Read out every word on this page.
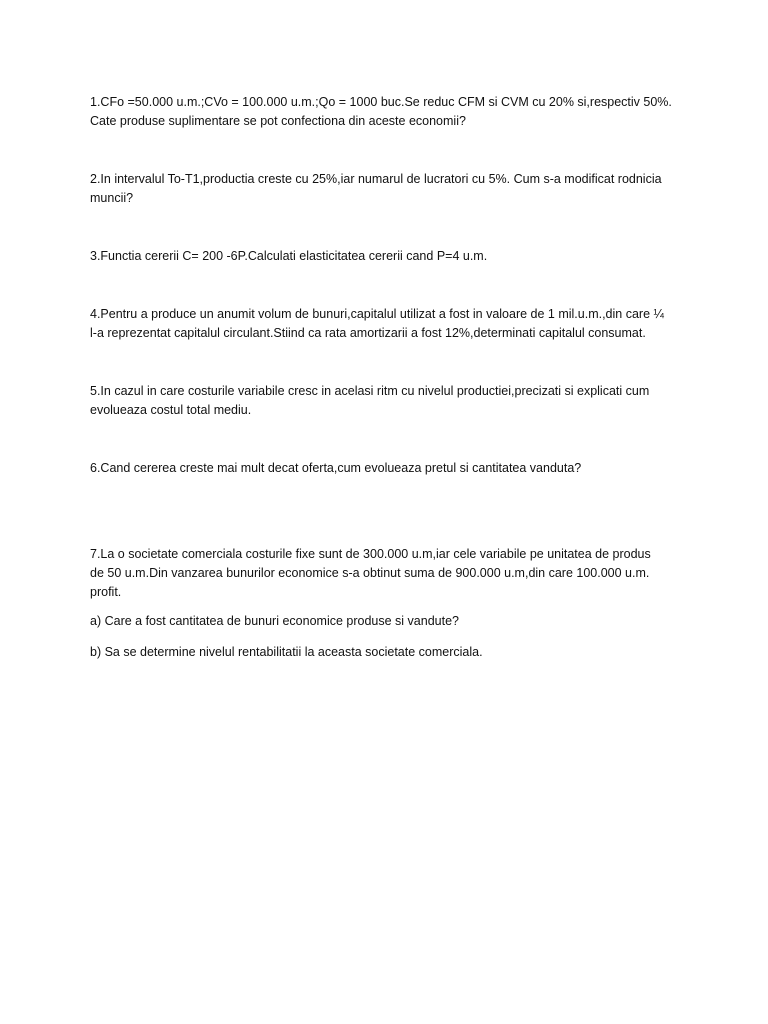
1.CFo =50.000 u.m.;CVo = 100.000 u.m.;Qo = 1000 buc.Se reduc CFM si CVM cu 20% si,respectiv 50%.
Cate produse suplimentare se pot confectiona din aceste economii?

2.In intervalul To-T1,productia creste cu 25%,iar numarul de lucratori cu 5%. Cum s-a modificat rodnicia
muncii?

3.Functia cererii C= 200 -6P.Calculati elasticitatea cererii cand P=4 u.m.

4.Pentru a produce un anumit volum de bunuri,capitalul utilizat a fost in valoare de 1 mil.u.m.,din care ¼
l-a reprezentat capitalul circulant.Stiind ca rata amortizarii a fost 12%,determinati capitalul consumat.

5.In cazul in care costurile variabile cresc in acelasi ritm cu nivelul productiei,precizati si explicati cum
evolueaza costul total mediu.

6.Cand cererea creste mai mult decat oferta,cum evolueaza pretul si cantitatea vanduta?

7.La o societate comerciala costurile fixe sunt de 300.000 u.m,iar cele variabile pe unitatea de produs
de 50 u.m.Din vanzarea bunurilor economice s-a obtinut suma de 900.000 u.m,din care 100.000 u.m.
profit.

a) Care a fost cantitatea de bunuri economice produse si vandute?

b) Sa se determine nivelul rentabilitatii la aceasta societate comerciala.
